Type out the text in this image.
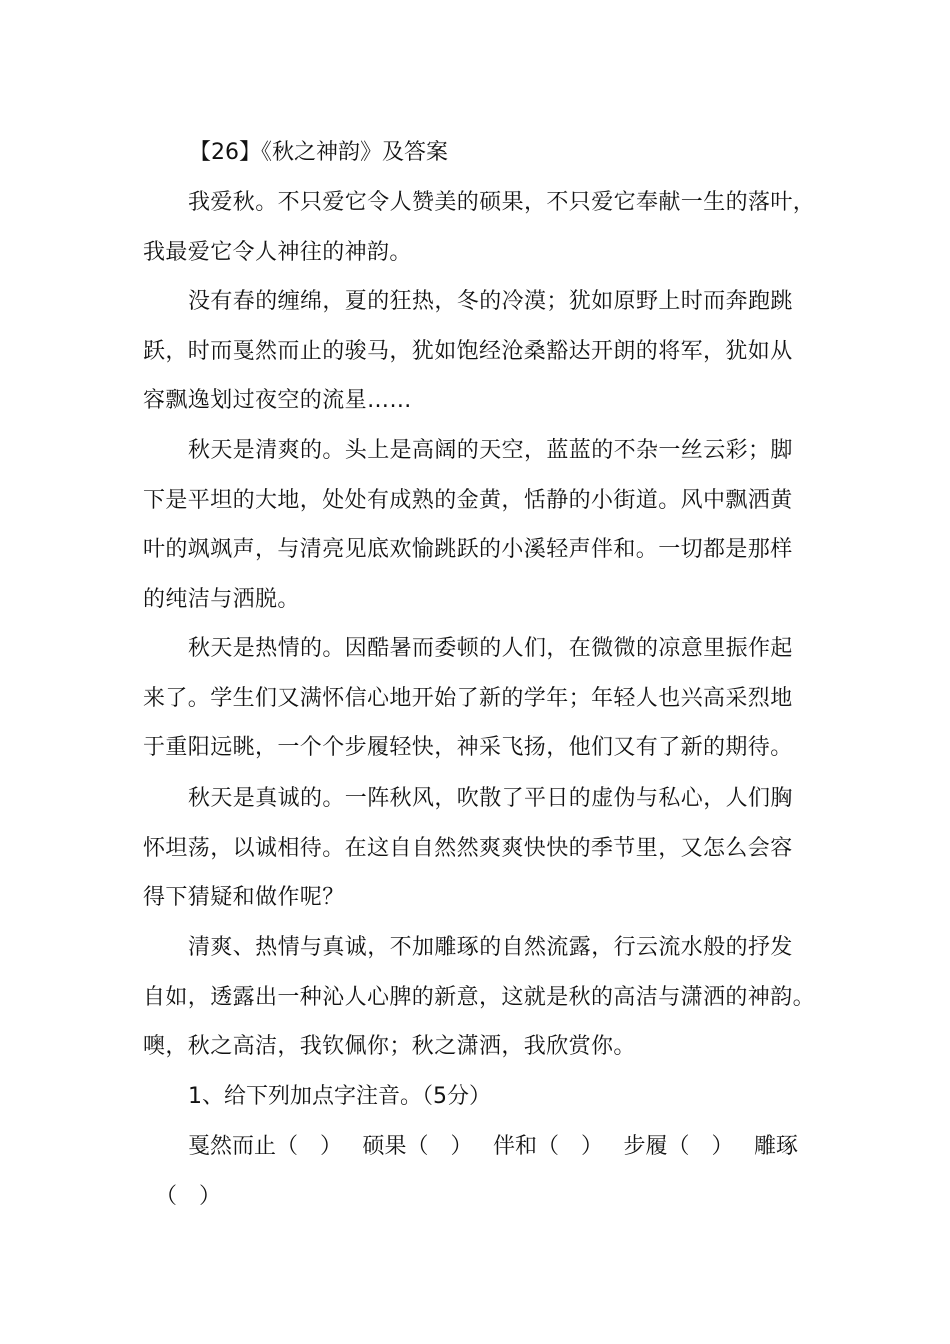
【26】《秋之神韵》及答案
我爱秋。不只爱它令人赞美的硕果，不只爱它奉献一生的落叶，
我最爱它令人神往的神韵。
没有春的缠绵，夏的狂热，冬的冷漠；犹如原野上时而奔跑跳
跃，时而戛然而止的骏马，犹如饱经沧桑豁达开朗的将军，犹如从
容飘逸划过夜空的流星……
秋天是清爽的。头上是高阔的天空，蓝蓝的不杂一丝云彩；脚
下是平坦的大地，处处有成熟的金黄，恬静的小街道。风中飘洒黄
叶的飒飒声，与清亮见底欢愉跳跃的小溪轻声伴和。一切都是那样
的纯洁与洒脱。
秋天是热情的。因酷暑而委顿的人们，在微微的凉意里振作起
来了。学生们又满怀信心地开始了新的学年；年轻人也兴高采烈地
于重阳远眺，一个个步履轻快，神采飞扬，他们又有了新的期待。
秋天是真诚的。一阵秋风，吹散了平日的虚伪与私心，人们胸
怀坦荡，以诚相待。在这自自然然爽爽快快的季节里，又怎么会容
得下猜疑和做作呢？
清爽、热情与真诚，不加雕琢的自然流露，行云流水般的抒发
自如，透露出一种沁人心脾的新意，这就是秋的高洁与潇洒的神韵。
噢，秋之高洁，我钦佩你；秋之潇洒，我欣赏你。
1、给下列加点字注音。（5分）
戛然而止（　） 硕果（　） 伴和（　） 步履（　） 雕琢
（　）
